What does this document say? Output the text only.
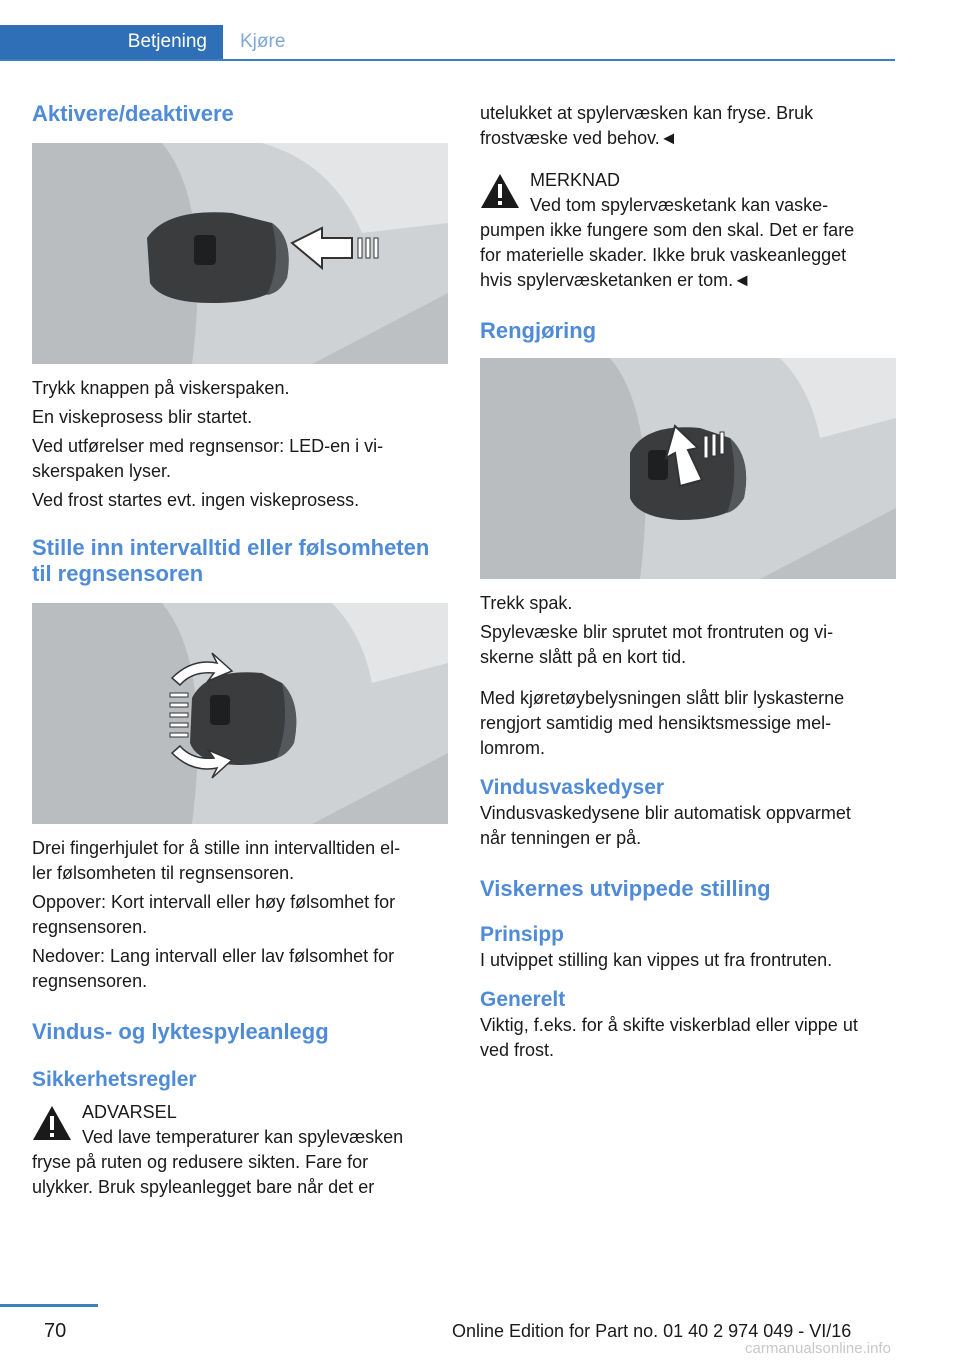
Betjening	Kjøre
Aktivere/deaktivere

Trykk knappen på viskerspaken.

En viskeprosess blir startet.

Ved utførelser med regnsensor: LED-en i vi‐

skerspaken lyser.

Ved frost startes evt. ingen viskeprosess.

Stille inn intervalltid eller følsomheten
til regnsensoren

Drei fingerhjulet for å stille inn intervalltiden el‐

ler følsomheten til regnsensoren.

Oppover: Kort intervall eller høy følsomhet for

regnsensoren.

Nedover: Lang intervall eller lav følsomhet for

regnsensoren.

Vindus- og lyktespyleanlegg
Sikkerhetsregler
ADVARSEL

Ved lave temperaturer kan spylevæsken

fryse på ruten og redusere sikten. Fare for

ulykker. Bruk spyleanlegget bare når det er

utelukket at spylervæsken kan fryse. Bruk

frostvæske ved behov.◄

MERKNAD

Ved tom spylervæsketank kan vaske‐

pumpen ikke fungere som den skal. Det er fare

for materielle skader. Ikke bruk vaskeanlegget

hvis spylervæsketanken er tom.◄

Rengjøring

Trekk spak.

Spylevæske blir sprutet mot frontruten og vi‐

skerne slått på en kort tid.

Med kjøretøybelysningen slått blir lyskasterne

rengjort samtidig med hensiktsmessige mel‐

lomrom.

Vindusvaskedyser

Vindusvaskedysene blir automatisk oppvarmet

når tenningen er på.

Viskernes utvippede stilling
Prinsipp

I utvippet stilling kan vippes ut fra frontruten.

Generelt

Viktig, f.eks. for å skifte viskerblad eller vippe ut

ved frost.

70	Online Edition for Part no. 01 40 2 974 049 - VI/16
carmanualsonline.info
